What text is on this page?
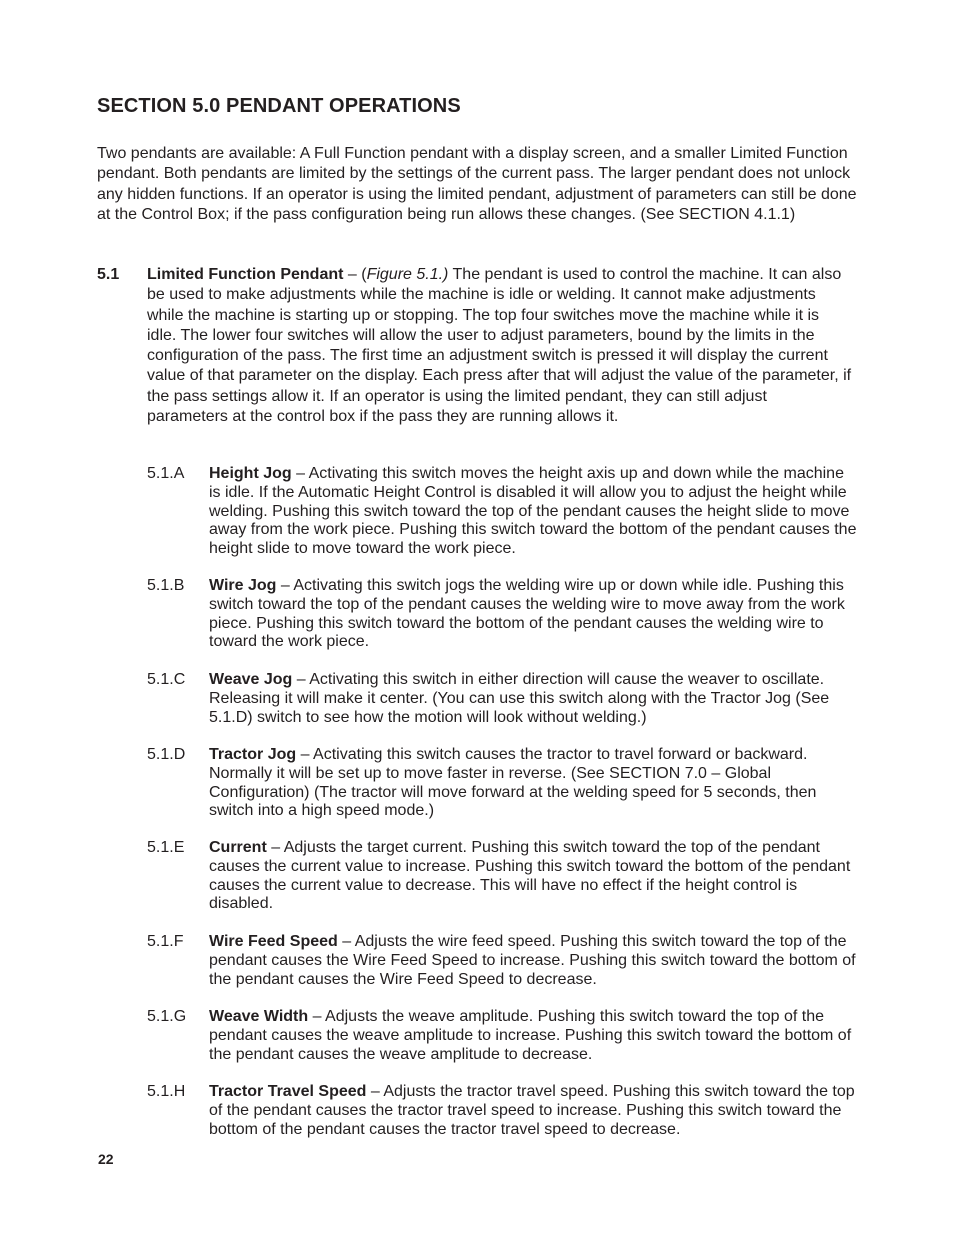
SECTION 5.0 PENDANT OPERATIONS

Two pendants are available: A Full Function pendant with a display screen, and a smaller Limited Function pendant. Both pendants are limited by the settings of the current pass. The larger pendant does not unlock any hidden functions. If an operator is using the limited pendant, adjustment of parameters can still be done at the Control Box; if the pass configuration being run allows these changes. (See SECTION 4.1.1)

5.1 Limited Function Pendant – (Figure 5.1.) The pendant is used to control the machine. It can also be used to make adjustments while the machine is idle or welding. It cannot make adjustments while the machine is starting up or stopping. The top four switches move the machine while it is idle. The lower four switches will allow the user to adjust parameters, bound by the limits in the configuration of the pass. The first time an adjustment switch is pressed it will display the current value of that parameter on the display. Each press after that will adjust the value of the parameter, if the pass settings allow it. If an operator is using the limited pendant, they can still adjust parameters at the control box if the pass they are running allows it.

5.1.A Height Jog – Activating this switch moves the height axis up and down while the machine is idle. If the Automatic Height Control is disabled it will allow you to adjust the height while welding. Pushing this switch toward the top of the pendant causes the height slide to move away from the work piece. Pushing this switch toward the bottom of the pendant causes the height slide to move toward the work piece.

5.1.B Wire Jog – Activating this switch jogs the welding wire up or down while idle. Pushing this switch toward the top of the pendant causes the welding wire to move away from the work piece. Pushing this switch toward the bottom of the pendant causes the welding wire to toward the work piece.

5.1.C Weave Jog – Activating this switch in either direction will cause the weaver to oscillate. Releasing it will make it center. (You can use this switch along with the Tractor Jog (See 5.1.D) switch to see how the motion will look without welding.)

5.1.D Tractor Jog – Activating this switch causes the tractor to travel forward or backward. Normally it will be set up to move faster in reverse. (See SECTION 7.0 – Global Configuration) (The tractor will move forward at the welding speed for 5 seconds, then switch into a high speed mode.)

5.1.E Current – Adjusts the target current. Pushing this switch toward the top of the pendant causes the current value to increase. Pushing this switch toward the bottom of the pendant causes the current value to decrease. This will have no effect if the height control is disabled.

5.1.F Wire Feed Speed – Adjusts the wire feed speed. Pushing this switch toward the top of the pendant causes the Wire Feed Speed to increase. Pushing this switch toward the bottom of the pendant causes the Wire Feed Speed to decrease.

5.1.G Weave Width – Adjusts the weave amplitude. Pushing this switch toward the top of the pendant causes the weave amplitude to increase. Pushing this switch toward the bottom of the pendant causes the weave amplitude to decrease.

5.1.H Tractor Travel Speed – Adjusts the tractor travel speed. Pushing this switch toward the top of the pendant causes the tractor travel speed to increase. Pushing this switch toward the bottom of the pendant causes the tractor travel speed to decrease.

22
